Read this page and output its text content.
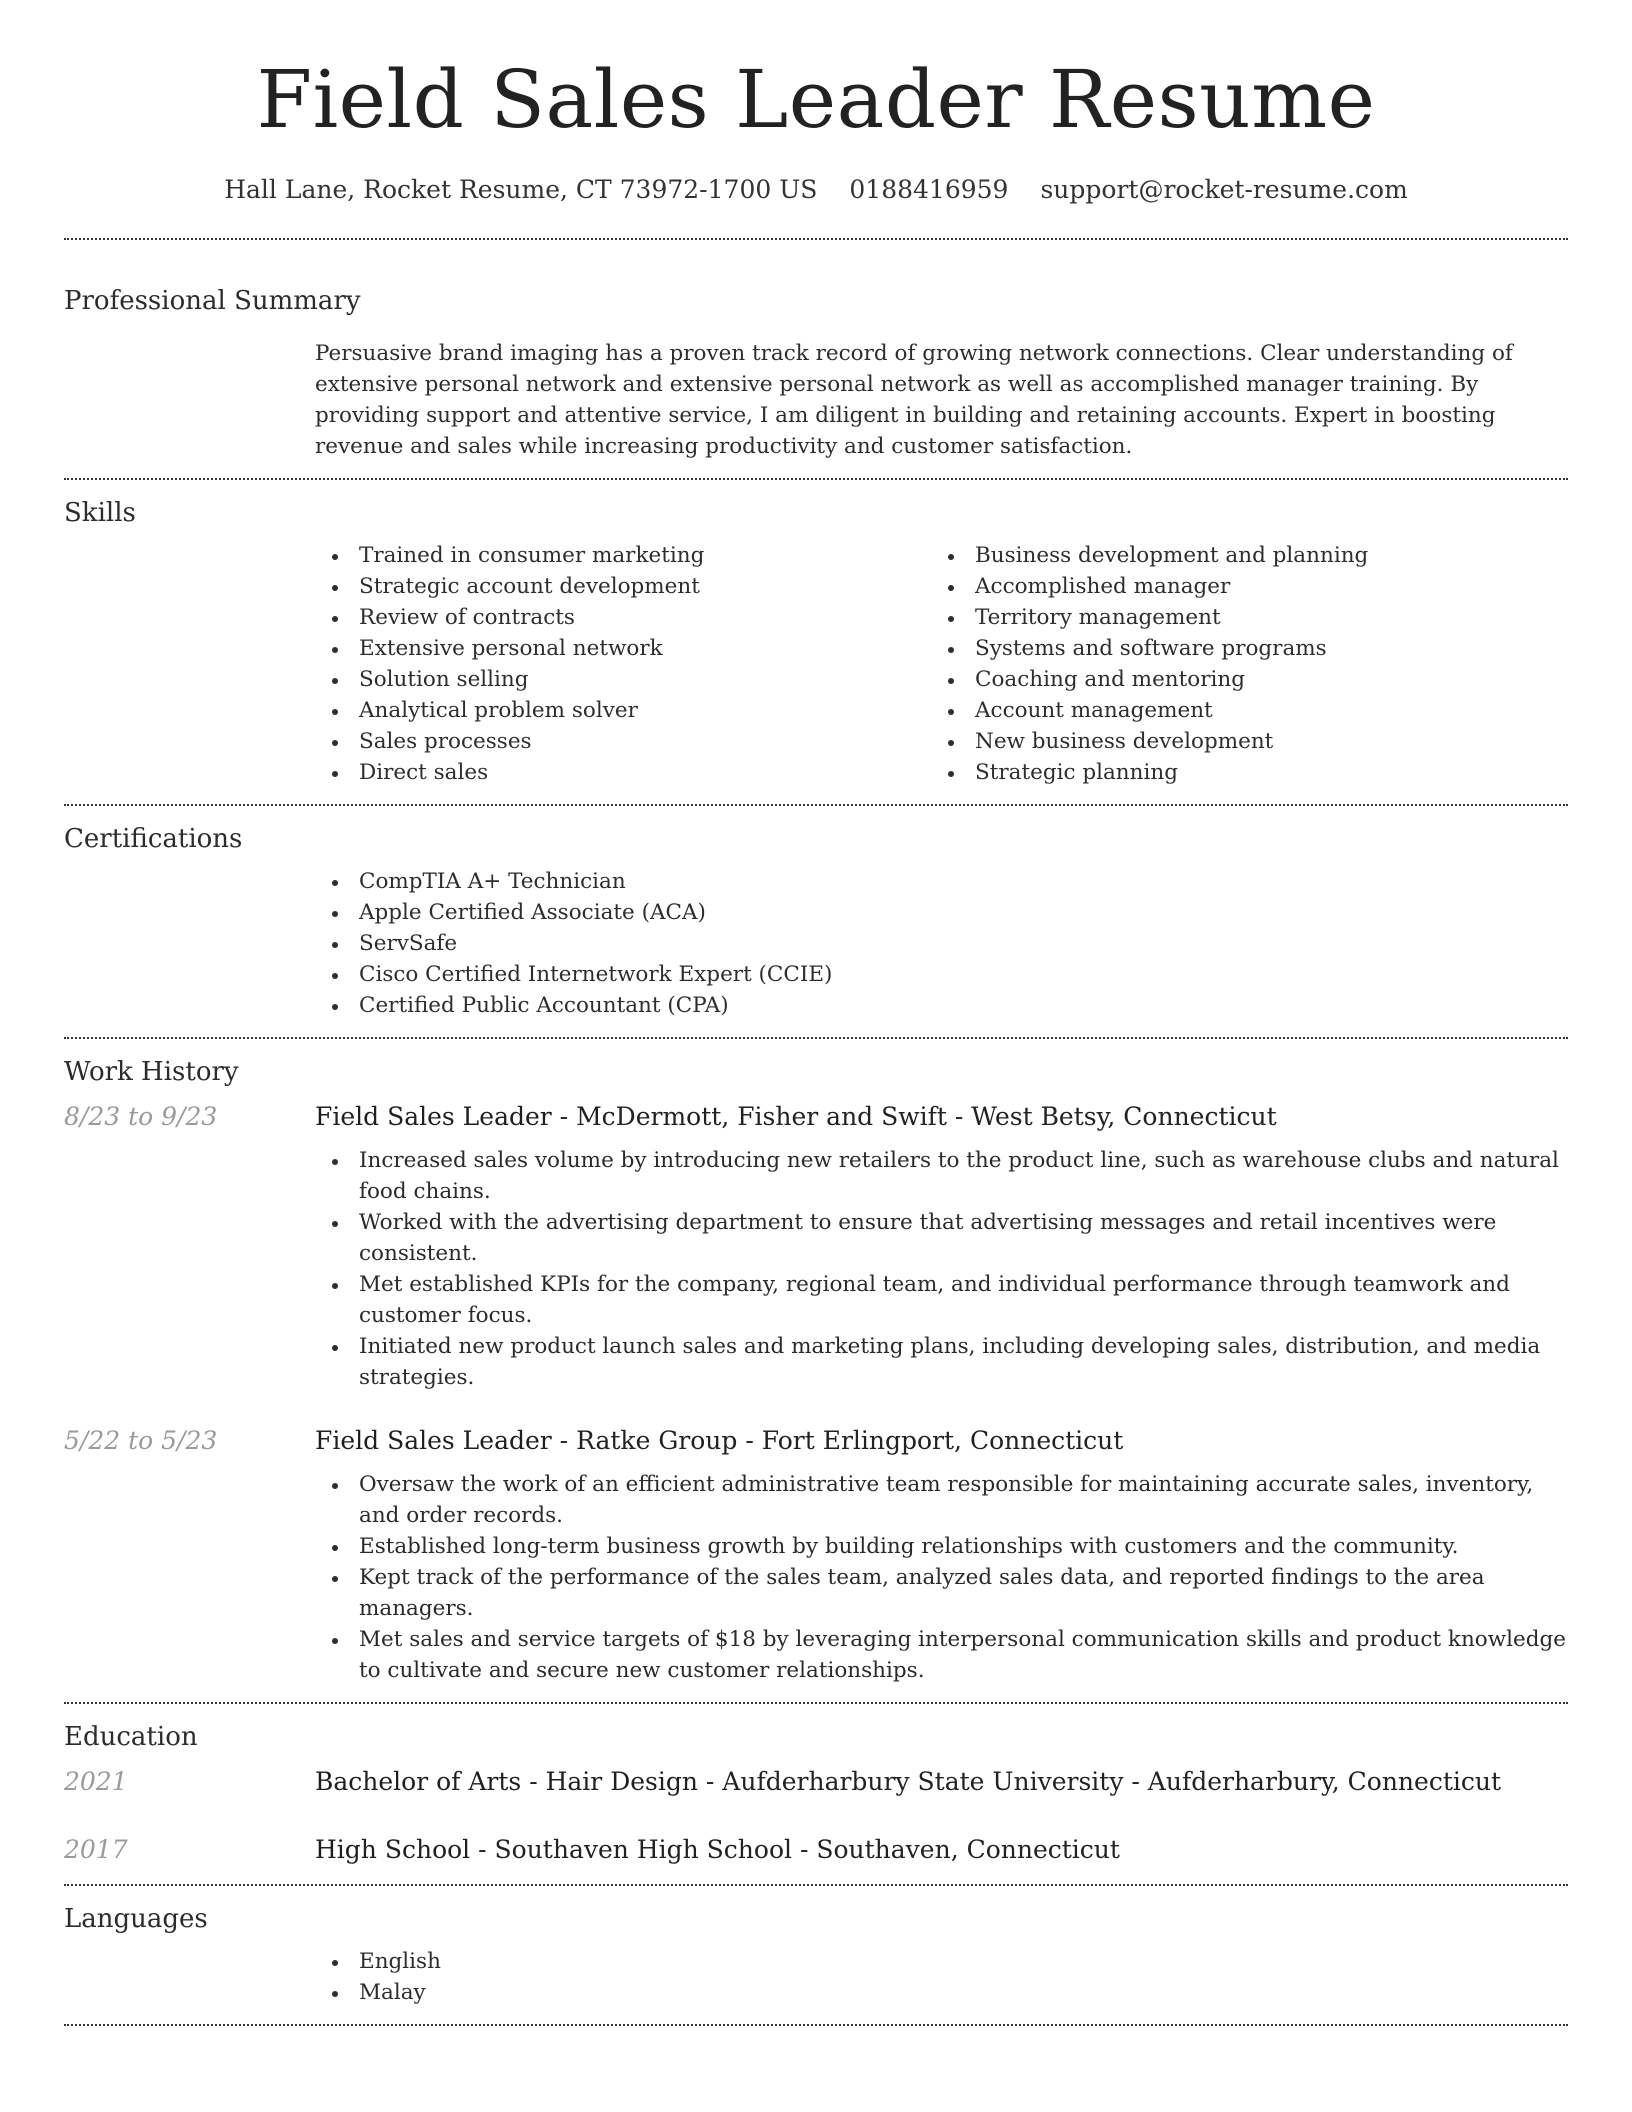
Field Sales Leader Resume
Hall Lane, Rocket Resume, CT 73972-1700 US 0188416959 support@rocket-resume.com
Professional Summary
Persuasive brand imaging has a proven track record of growing network connections. Clear understanding of extensive personal network and extensive personal network as well as accomplished manager training. By providing support and attentive service, I am diligent in building and retaining accounts. Expert in boosting revenue and sales while increasing productivity and customer satisfaction.
Skills
Trained in consumer marketing
Strategic account development
Review of contracts
Extensive personal network
Solution selling
Analytical problem solver
Sales processes
Direct sales
Business development and planning
Accomplished manager
Territory management
Systems and software programs
Coaching and mentoring
Account management
New business development
Strategic planning
Certifications
CompTIA A+ Technician
Apple Certified Associate (ACA)
ServSafe
Cisco Certified Internetwork Expert (CCIE)
Certified Public Accountant (CPA)
Work History
8/23 to 9/23	Field Sales Leader - McDermott, Fisher and Swift - West Betsy, Connecticut
Increased sales volume by introducing new retailers to the product line, such as warehouse clubs and natural food chains.
Worked with the advertising department to ensure that advertising messages and retail incentives were consistent.
Met established KPIs for the company, regional team, and individual performance through teamwork and customer focus.
Initiated new product launch sales and marketing plans, including developing sales, distribution, and media strategies.
5/22 to 5/23	Field Sales Leader - Ratke Group - Fort Erlingport, Connecticut
Oversaw the work of an efficient administrative team responsible for maintaining accurate sales, inventory, and order records.
Established long-term business growth by building relationships with customers and the community.
Kept track of the performance of the sales team, analyzed sales data, and reported findings to the area managers.
Met sales and service targets of $18 by leveraging interpersonal communication skills and product knowledge to cultivate and secure new customer relationships.
Education
2021	Bachelor of Arts - Hair Design - Aufderharbury State University - Aufderharbury, Connecticut
2017	High School - Southaven High School - Southaven, Connecticut
Languages
English
Malay
